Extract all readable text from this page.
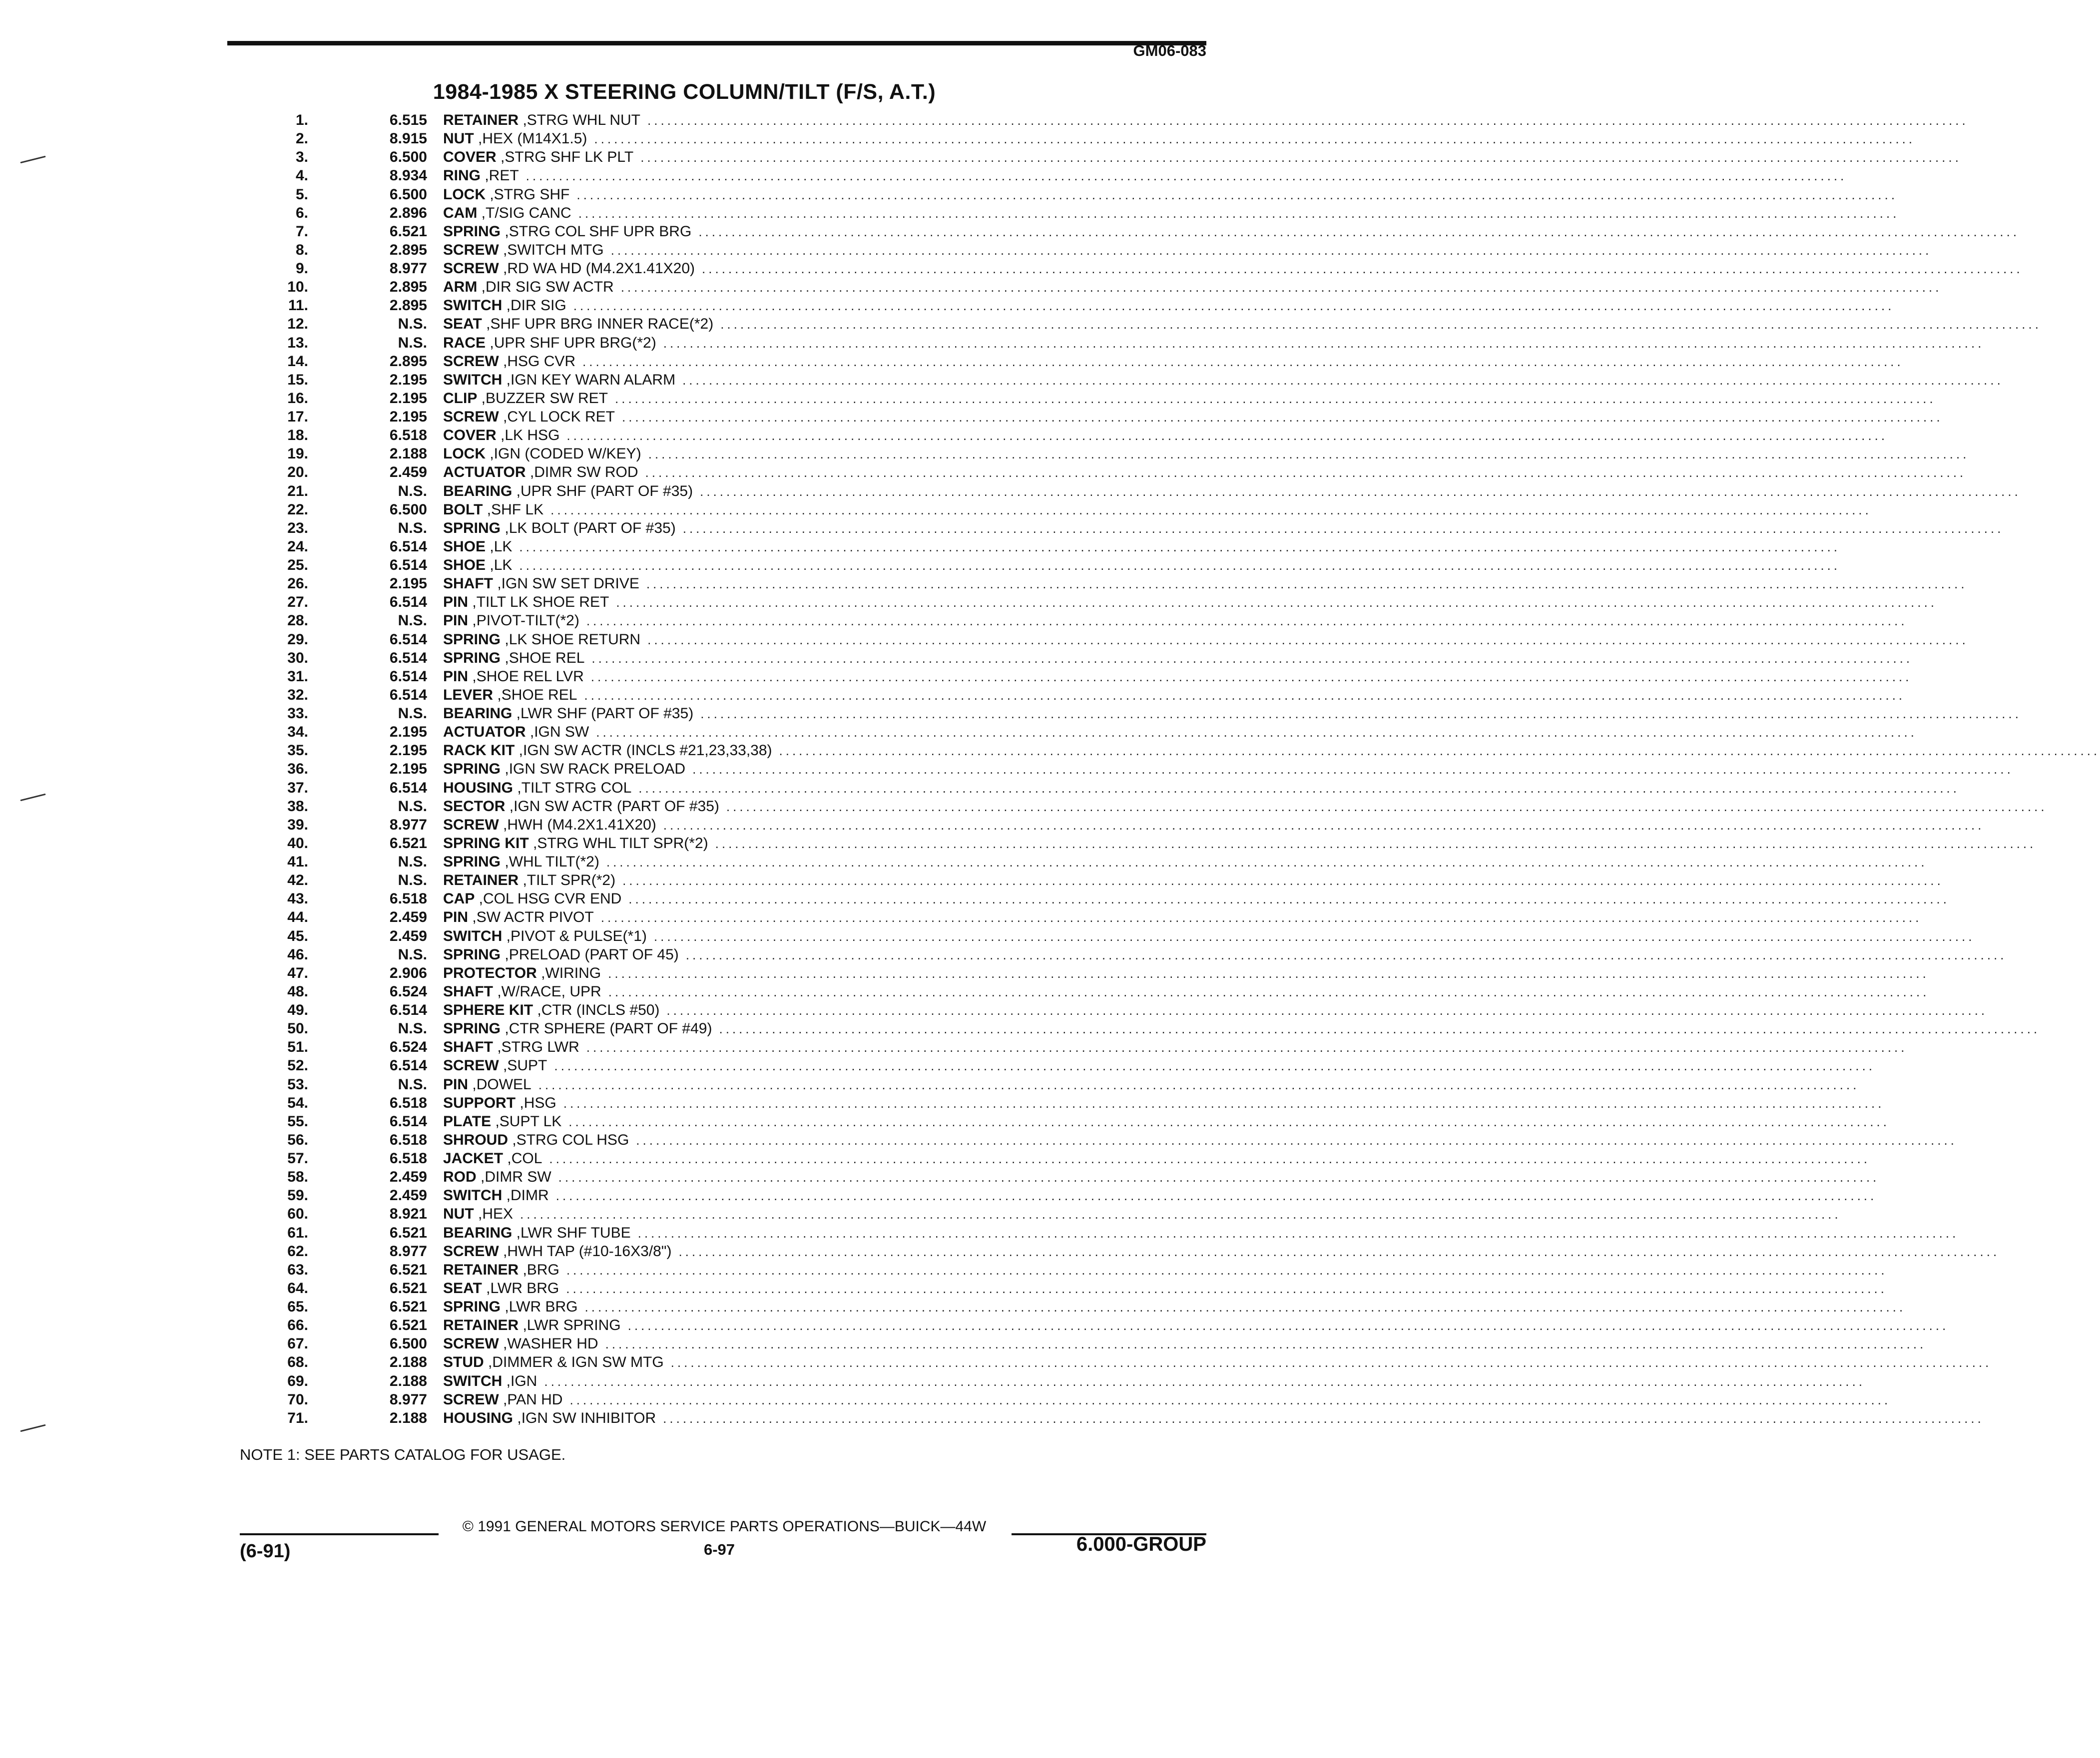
GM06-083
1984-1985 X STEERING COLUMN/TILT (F/S, A.T.)
1.	6.515 RETAINER , STRG WHL NUT ........................................................................................................................................................................................................
2.	8.915 NUT , HEX (M14X1.5) ........................................................................................................................................................................................................
3.	6.500 COVER , STRG SHF LK PLT ........................................................................................................................................................................................................
4.	8.934 RING , RET ........................................................................................................................................................................................................
5.	6.500 LOCK , STRG SHF ........................................................................................................................................................................................................
6.	2.896 CAM , T/SIG CANC ........................................................................................................................................................................................................
7.	6.521 SPRING , STRG COL SHF UPR BRG ........................................................................................................................................................................................................
8.	2.895 SCREW , SWITCH MTG ........................................................................................................................................................................................................
9.	8.977 SCREW , RD WA HD (M4.2X1.41X20) ........................................................................................................................................................................................................
10.	2.895 ARM , DIR SIG SW ACTR ........................................................................................................................................................................................................
11.	2.895 SWITCH , DIR SIG ........................................................................................................................................................................................................
12.	N.S. SEAT , SHF UPR BRG INNER RACE(*2) ........................................................................................................................................................................................................
13.	N.S. RACE , UPR SHF UPR BRG(*2) ........................................................................................................................................................................................................
14.	2.895 SCREW , HSG CVR ........................................................................................................................................................................................................
15.	2.195 SWITCH , IGN KEY WARN ALARM ........................................................................................................................................................................................................
16.	2.195 CLIP , BUZZER SW RET ........................................................................................................................................................................................................
17.	2.195 SCREW , CYL LOCK RET ........................................................................................................................................................................................................
18.	6.518 COVER , LK HSG ........................................................................................................................................................................................................
19.	2.188 LOCK , IGN (CODED W/KEY) ........................................................................................................................................................................................................
20.	2.459 ACTUATOR , DIMR SW ROD ........................................................................................................................................................................................................
21.	N.S. BEARING , UPR SHF (PART OF #35) ........................................................................................................................................................................................................
22.	6.500 BOLT , SHF LK ........................................................................................................................................................................................................
23.	N.S. SPRING , LK BOLT (PART OF #35) ........................................................................................................................................................................................................
24.	6.514 SHOE , LK ........................................................................................................................................................................................................
25.	6.514 SHOE , LK ........................................................................................................................................................................................................
26.	2.195 SHAFT , IGN SW SET DRIVE ........................................................................................................................................................................................................
27.	6.514 PIN , TILT LK SHOE RET ........................................................................................................................................................................................................
28.	N.S. PIN , PIVOT-TILT(*2) ........................................................................................................................................................................................................
29.	6.514 SPRING , LK SHOE RETURN ........................................................................................................................................................................................................
30.	6.514 SPRING , SHOE REL ........................................................................................................................................................................................................
31.	6.514 PIN , SHOE REL LVR ........................................................................................................................................................................................................
32.	6.514 LEVER , SHOE REL ........................................................................................................................................................................................................
33.	N.S. BEARING , LWR SHF (PART OF #35) ........................................................................................................................................................................................................
34.	2.195 ACTUATOR , IGN SW ........................................................................................................................................................................................................
35.	2.195 RACK KIT , IGN SW ACTR (INCLS #21,23,33,38) ........................................................................................................................................................................................................
36.	2.195 SPRING , IGN SW RACK PRELOAD ........................................................................................................................................................................................................
37.	6.514 HOUSING , TILT STRG COL ........................................................................................................................................................................................................
38.	N.S. SECTOR , IGN SW ACTR (PART OF #35) ........................................................................................................................................................................................................
39.	8.977 SCREW , HWH (M4.2X1.41X20) ........................................................................................................................................................................................................
40.	6.521 SPRING KIT , STRG WHL TILT SPR(*2) ........................................................................................................................................................................................................
41.	N.S. SPRING , WHL TILT(*2) ........................................................................................................................................................................................................
42.	N.S. RETAINER , TILT SPR(*2) ........................................................................................................................................................................................................
43.	6.518 CAP , COL HSG CVR END ........................................................................................................................................................................................................
44.	2.459 PIN , SW ACTR PIVOT ........................................................................................................................................................................................................
45.	2.459 SWITCH , PIVOT & PULSE(*1) ........................................................................................................................................................................................................
46.	N.S. SPRING , PRELOAD (PART OF 45) ........................................................................................................................................................................................................
47.	2.906 PROTECTOR , WIRING ........................................................................................................................................................................................................
48.	6.524 SHAFT , W/RACE, UPR ........................................................................................................................................................................................................
49.	6.514 SPHERE KIT , CTR (INCLS #50) ........................................................................................................................................................................................................
50.	N.S. SPRING , CTR SPHERE (PART OF #49) ........................................................................................................................................................................................................
51.	6.524 SHAFT , STRG LWR ........................................................................................................................................................................................................
52.	6.514 SCREW , SUPT ........................................................................................................................................................................................................
53.	N.S. PIN , DOWEL ........................................................................................................................................................................................................
54.	6.518 SUPPORT , HSG ........................................................................................................................................................................................................
55.	6.514 PLATE , SUPT LK ........................................................................................................................................................................................................
56.	6.518 SHROUD , STRG COL HSG ........................................................................................................................................................................................................
57.	6.518 JACKET , COL ........................................................................................................................................................................................................
58.	2.459 ROD , DIMR SW ........................................................................................................................................................................................................
59.	2.459 SWITCH , DIMR ........................................................................................................................................................................................................
60.	8.921 NUT , HEX ........................................................................................................................................................................................................
61.	6.521 BEARING , LWR SHF TUBE ........................................................................................................................................................................................................
62.	8.977 SCREW , HWH TAP (#10-16X3/8") ........................................................................................................................................................................................................
63.	6.521 RETAINER , BRG ........................................................................................................................................................................................................
64.	6.521 SEAT , LWR BRG ........................................................................................................................................................................................................
65.	6.521 SPRING , LWR BRG ........................................................................................................................................................................................................
66.	6.521 RETAINER , LWR SPRING ........................................................................................................................................................................................................
67.	6.500 SCREW , WASHER HD ........................................................................................................................................................................................................
68.	2.188 STUD , DIMMER & IGN SW MTG ........................................................................................................................................................................................................
69.	2.188 SWITCH , IGN ........................................................................................................................................................................................................
70.	8.977 SCREW , PAN HD ........................................................................................................................................................................................................
71.	2.188 HOUSING , IGN SW INHIBITOR ........................................................................................................................................................................................................
NOTE 1: SEE PARTS CATALOG FOR USAGE.
© 1991 GENERAL MOTORS SERVICE PARTS OPERATIONS—BUICK—44W
(6-91)	6-97	6.000-GROUP
